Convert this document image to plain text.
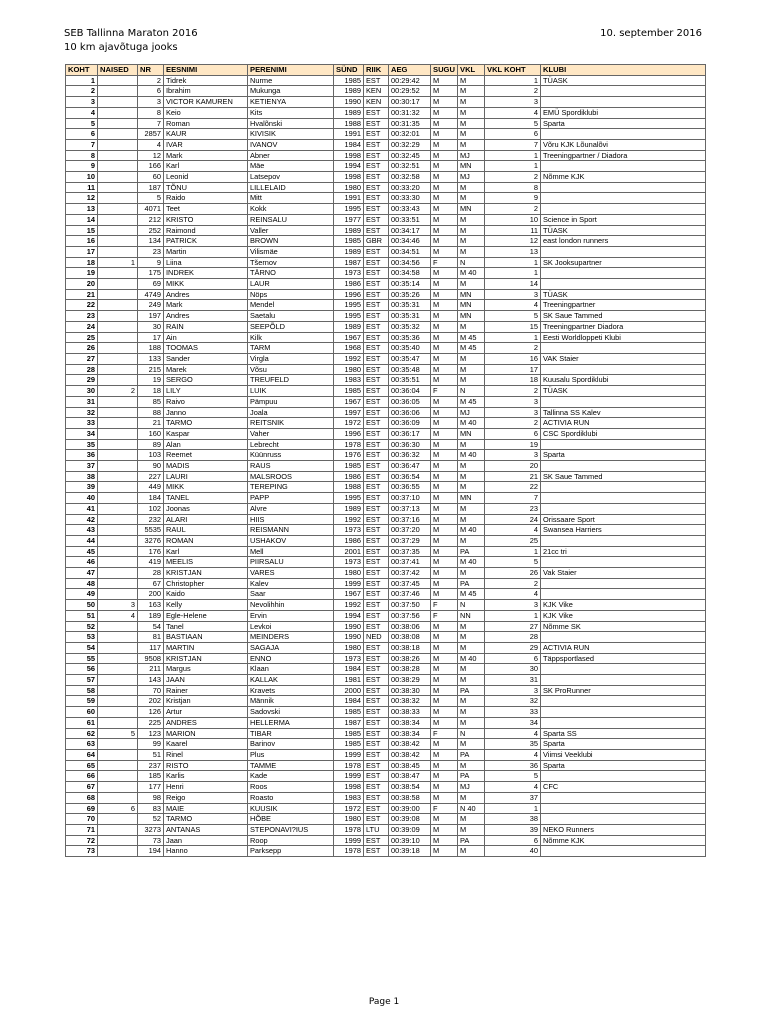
SEB Tallinna Maraton 2016
10 km ajavõtuga jooks
10. september 2016
KOHT	NAISED	NR	EESNIMI	PERENIMI	SÜND	RIIK	AEG	SUGU	VKL	VKL KOHT	KLUBI
1		2	Tidrek	Nurme	1985	EST	00:29:42	M	M	1	TÜASK
2		6	Ibrahim	Mukunga	1989	KEN	00:29:52	M	M	2	
3		3	VICTOR KAMUREN	KETIENYA	1990	KEN	00:30:17	M	M	3	
4		8	Keio	Kits	1989	EST	00:31:32	M	M	4	EMÜ Spordiklubi
5		7	Roman	Hvalõnski	1988	EST	00:31:35	M	M	5	Sparta
6		2857	KAUR	KIVISIK	1991	EST	00:32:01	M	M	6	
7		4	IVAR	IVANOV	1984	EST	00:32:29	M	M	7	Võru KJK Lõunalõvi
8		12	Mark	Abner	1998	EST	00:32:45	M	MJ	1	Treeningpartner / Diadora
9		166	Karl	Mäe	1994	EST	00:32:51	M	MN	1	
10		60	Leonid	Latsepov	1998	EST	00:32:58	M	MJ	2	Nõmme KJK
11		187	TÕNU	LILLELAID	1980	EST	00:33:20	M	M	8	
12		5	Raido	Mitt	1991	EST	00:33:30	M	M	9	
13		4071	Teet	Kokk	1995	EST	00:33:43	M	MN	2	
14		212	KRISTO	REINSALU	1977	EST	00:33:51	M	M	10	Science in Sport
15		252	Raimond	Valler	1989	EST	00:34:17	M	M	11	TÜASK
16		134	PATRICK	BROWN	1985	GBR	00:34:46	M	M	12	east london runners
17		23	Martin	Vilismäe	1989	EST	00:34:51	M	M	13	
18	1	9	Liina	Tšernov	1987	EST	00:34:56	F	N	1	SK Jooksupartner
19		175	INDREK	TÄRNO	1973	EST	00:34:58	M	M 40	1	
20		69	MIKK	LAUR	1986	EST	00:35:14	M	M	14	
21		4749	Andres	Nöps	1996	EST	00:35:26	M	MN	3	TÜASK
22		249	Mark	Mendel	1995	EST	00:35:31	M	MN	4	Treeningpartner
23		197	Andres	Saetalu	1995	EST	00:35:31	M	MN	5	SK Saue Tammed
24		30	RAIN	SEEPÕLD	1989	EST	00:35:32	M	M	15	Treeningpartner Diadora
25		17	Ain	Kilk	1967	EST	00:35:36	M	M 45	1	Eesti Worldloppeti Klubi
26		188	TOOMAS	TARM	1968	EST	00:35:40	M	M 45	2	
27		133	Sander	Virgla	1992	EST	00:35:47	M	M	16	VAK Staier
28		215	Marek	Võsu	1980	EST	00:35:48	M	M	17	
29		19	SERGO	TREUFELD	1983	EST	00:35:51	M	M	18	Kuusalu Spordiklubi
30	2	18	LILY	LUIK	1985	EST	00:36:04	F	N	2	TÜASK
31		85	Raivo	Pämpuu	1967	EST	00:36:05	M	M 45	3	
32		88	Janno	Joala	1997	EST	00:36:06	M	MJ	3	Tallinna SS Kalev
33		21	TARMO	REITSNIK	1972	EST	00:36:09	M	M 40	2	ACTIVIA RUN
34		160	Kaspar	Vaher	1996	EST	00:36:17	M	MN	6	CSC Spordiklubi
35		89	Alan	Lebrecht	1978	EST	00:36:30	M	M	19	
36		103	Reemet	Küünruss	1976	EST	00:36:32	M	M 40	3	Sparta
37		90	MADIS	RAUS	1985	EST	00:36:47	M	M	20	
38		227	LAURI	MALSROOS	1986	EST	00:36:54	M	M	21	SK Saue Tammed
39		449	MIKK	TEREPING	1988	EST	00:36:55	M	M	22	
40		184	TANEL	PAPP	1995	EST	00:37:10	M	MN	7	
41		102	Joonas	Alvre	1989	EST	00:37:13	M	M	23	
42		232	ALARI	HIIS	1992	EST	00:37:16	M	M	24	Orissaare Sport
43		5535	RAUL	REISMANN	1973	EST	00:37:20	M	M 40	4	Swansea Harriers
44		3276	ROMAN	USHAKOV	1986	EST	00:37:29	M	M	25	
45		176	Karl	Mell	2001	EST	00:37:35	M	PA	1	21cc tri
46		419	MEELIS	PIIRSALU	1973	EST	00:37:41	M	M 40	5	
47		28	KRISTJAN	VARES	1980	EST	00:37:42	M	M	26	Vak Staier
48		67	Christopher	Kalev	1999	EST	00:37:45	M	PA	2	
49		200	Kaido	Saar	1967	EST	00:37:46	M	M 45	4	
50	3	163	Kelly	Nevolihhin	1992	EST	00:37:50	F	N	3	KJK Vike
51	4	189	Egle-Helene	Ervin	1994	EST	00:37:56	F	NN	1	KJK Vike
52		54	Tanel	Levkoi	1990	EST	00:38:06	M	M	27	Nõmme SK
53		81	BASTIAAN	MEINDERS	1990	NED	00:38:08	M	M	28	
54		117	MARTIN	SAGAJA	1980	EST	00:38:18	M	M	29	ACTIVIA RUN
55		9508	KRISTJAN	ENNO	1973	EST	00:38:26	M	M 40	6	Täppsportlased
56		211	Margus	Klaan	1984	EST	00:38:28	M	M	30	
57		143	JAAN	KALLAK	1981	EST	00:38:29	M	M	31	
58		70	Rainer	Kravets	2000	EST	00:38:30	M	PA	3	SK ProRunner
59		202	Kristjan	Männik	1984	EST	00:38:32	M	M	32	
60		126	Artur	Sadovski	1985	EST	00:38:33	M	M	33	
61		225	ANDRES	HELLERMA	1987	EST	00:38:34	M	M	34	
62	5	123	MARION	TIBAR	1985	EST	00:38:34	F	N	4	Sparta SS
63		99	Kaarel	Barinov	1985	EST	00:38:42	M	M	35	Sparta
64		51	Rinel	Plus	1999	EST	00:38:42	M	PA	4	Viimsi Veeklubi
65		237	RISTO	TAMME	1978	EST	00:38:45	M	M	36	Sparta
66		185	Karlis	Kade	1999	EST	00:38:47	M	PA	5	
67		177	Henri	Roos	1998	EST	00:38:54	M	MJ	4	CFC
68		98	Reigo	Roasto	1983	EST	00:38:58	M	M	37	
69	6	83	MAIE	KUUSIK	1972	EST	00:39:00	F	N 40	1	
70		52	TARMO	HÕBE	1980	EST	00:39:08	M	M	38	
71		3273	ANTANAS	STEPONAVI?IUS	1978	LTU	00:39:09	M	M	39	NEKO Runners
72		73	Jaan	Roop	1999	EST	00:39:10	M	PA	6	Nõmme KJK
73		194	Hanno	Parksepp	1978	EST	00:39:18	M	M	40	
Page 1
